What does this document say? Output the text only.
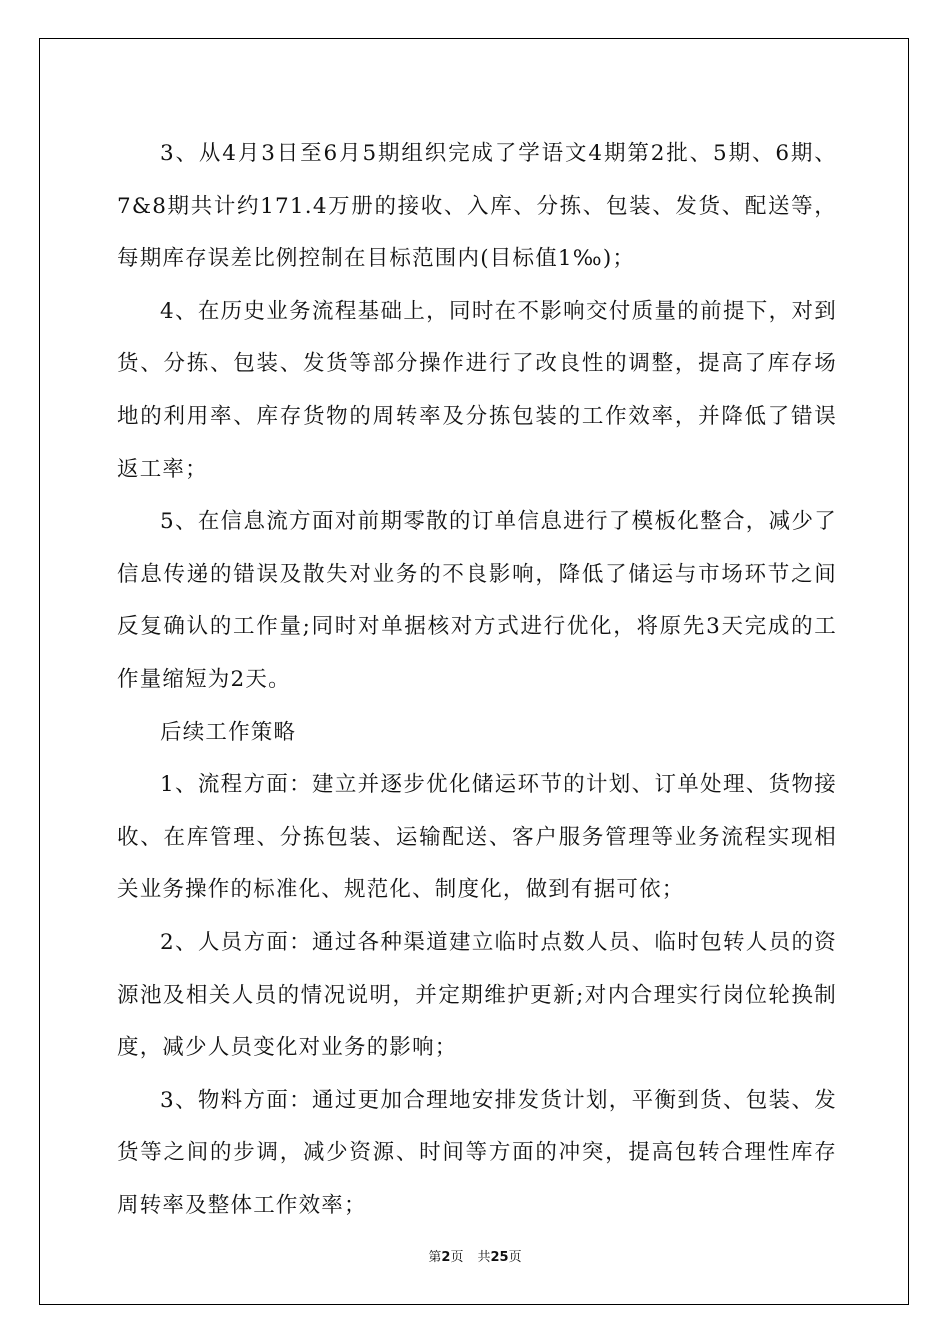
3、从4月3日至6月5期组织完成了学语文4期第2批、5期、6期、7&8期共计约171.4万册的接收、入库、分拣、包装、发货、配送等，每期库存误差比例控制在目标范围内(目标值1‰)；

4、在历史业务流程基础上，同时在不影响交付质量的前提下，对到货、分拣、包装、发货等部分操作进行了改良性的调整，提高了库存场地的利用率、库存货物的周转率及分拣包装的工作效率，并降低了错误返工率；

5、在信息流方面对前期零散的订单信息进行了模板化整合，减少了信息传递的错误及散失对业务的不良影响，降低了储运与市场环节之间反复确认的工作量;同时对单据核对方式进行优化，将原先3天完成的工作量缩短为2天。

后续工作策略

1、流程方面：建立并逐步优化储运环节的计划、订单处理、货物接收、在库管理、分拣包装、运输配送、客户服务管理等业务流程实现相关业务操作的标准化、规范化、制度化，做到有据可依；

2、人员方面：通过各种渠道建立临时点数人员、临时包转人员的资源池及相关人员的情况说明，并定期维护更新;对内合理实行岗位轮换制度，减少人员变化对业务的影响；

3、物料方面：通过更加合理地安排发货计划，平衡到货、包装、发货等之间的步调，减少资源、时间等方面的冲突，提高包转合理性库存周转率及整体工作效率；

第2页 共25页
